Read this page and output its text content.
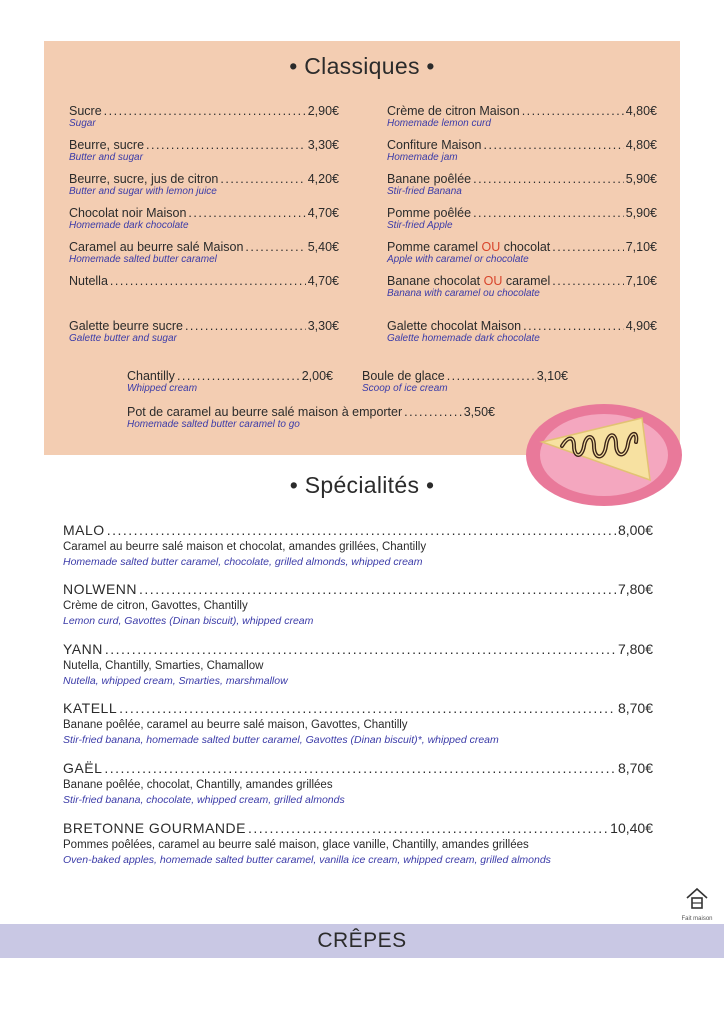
• Classiques •
Sucre .....	2,90€
Sugar
Beurre, sucre .....	3,30€
Butter and sugar
Beurre, sucre, jus de citron .....	4,20€
Butter and sugar with lemon juice
Chocolat noir Maison .....	4,70€
Homemade dark chocolate
Caramel au beurre salé Maison .....	5,40€
Homemade salted butter caramel
Nutella .....	4,70€
Galette beurre sucre .....	3,30€
Galette butter and sugar
Crème de citron Maison .....	4,80€
Homemade lemon curd
Confiture Maison .....	4,80€
Homemade jam
Banane poêlée .....	5,90€
Stir-fried Banana
Pomme poêlée .....	5,90€
Stir-fried Apple
Pomme caramel OU chocolat .....	7,10€
Apple with caramel or chocolate
Banane chocolat OU caramel .....	7,10€
Banana with caramel ou chocolate
Galette chocolat Maison .....	4,90€
Galette homemade dark chocolate
Chantilly .....	2,00€
Whipped cream
Boule de glace .....	3,10€
Scoop of ice cream
Pot de caramel au beurre salé maison à emporter .....	3,50€
Homemade salted butter caramel to go
• Spécialités •
MALO .....	8,00€
Caramel au beurre salé maison et chocolat, amandes grillées, Chantilly
Homemade salted butter caramel, chocolate, grilled almonds, whipped cream
NOLWENN .....	7,80€
Crème de citron, Gavottes, Chantilly
Lemon curd, Gavottes (Dinan biscuit), whipped cream
YANN .....	7,80€
Nutella, Chantilly, Smarties, Chamallow
Nutella, whipped cream, Smarties, marshmallow
KATELL .....	8,70€
Banane poêlée, caramel au beurre salé maison, Gavottes, Chantilly
Stir-fried banana, homemade salted butter caramel, Gavottes (Dinan biscuit)*, whipped cream
GAËL .....	8,70€
Banane poêlée, chocolat, Chantilly, amandes grillées
Stir-fried banana, chocolate, whipped cream, grilled almonds
BRETONNE GOURMANDE .....	10,40€
Pommes poêlées, caramel au beurre salé maison, glace vanille, Chantilly, amandes grillées
Oven-baked apples, homemade salted butter caramel, vanilla ice cream, whipped cream, grilled almonds
Fait maison
CRÊPES
